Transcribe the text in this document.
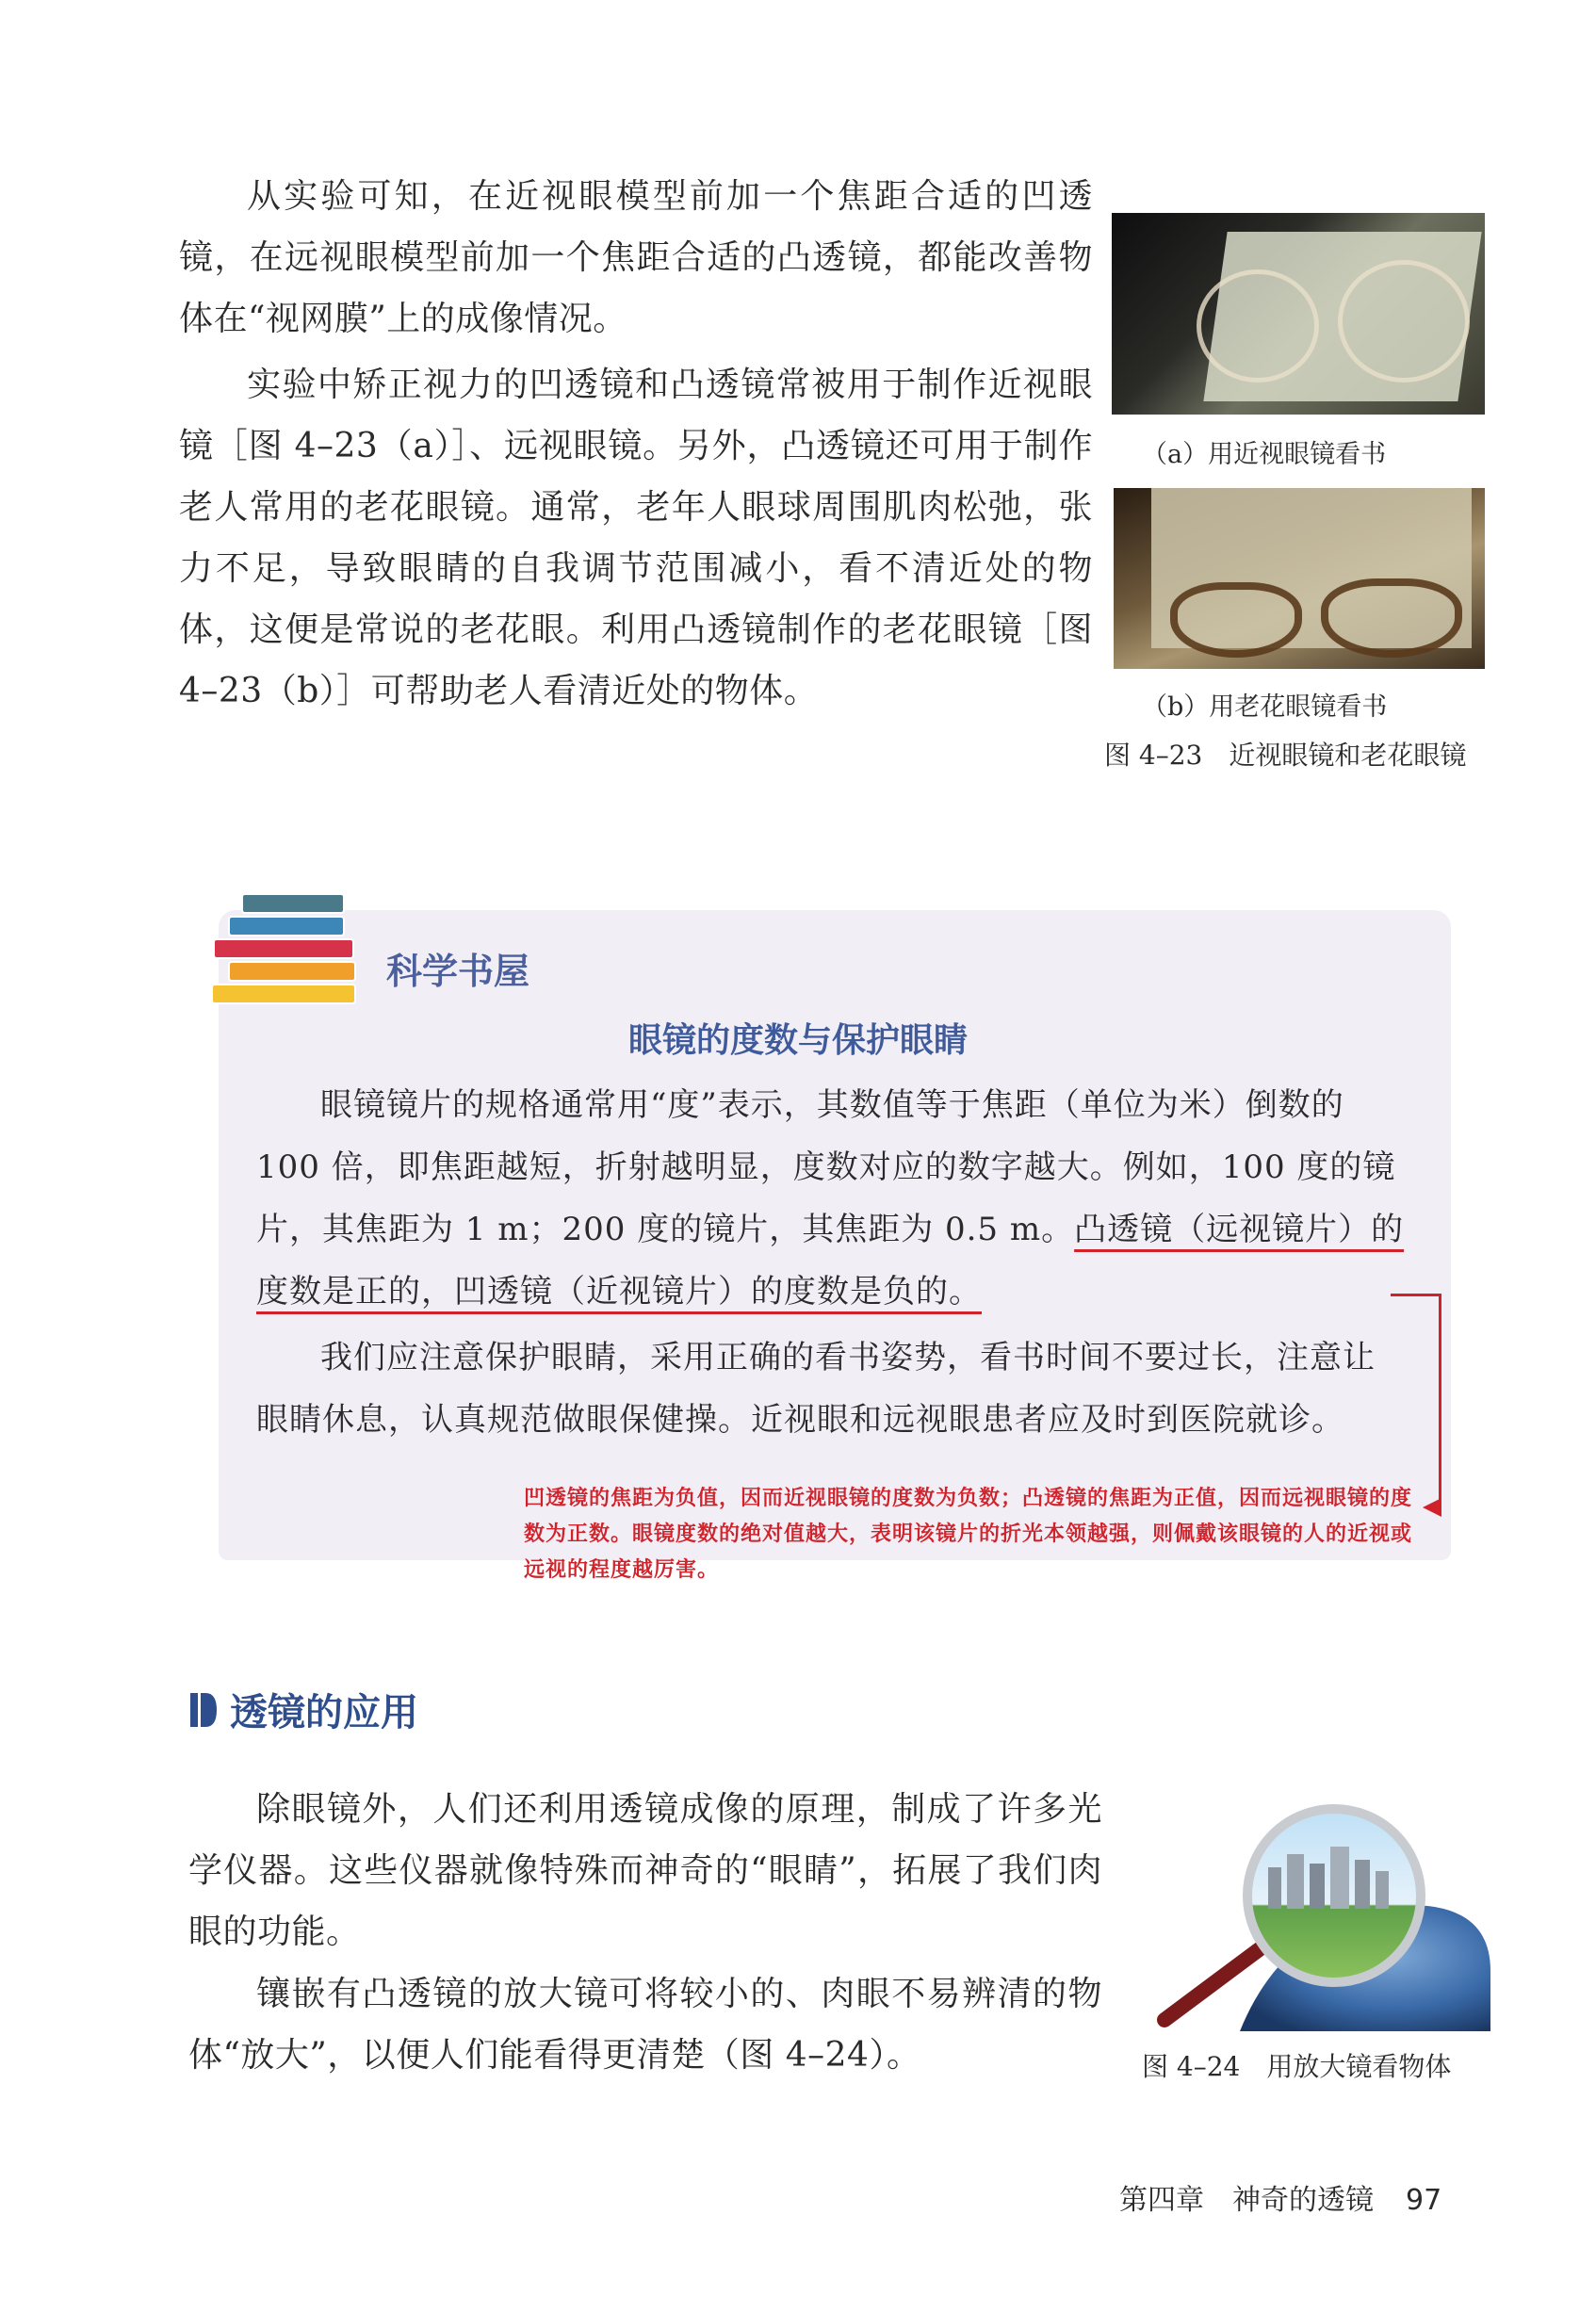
从实验可知，在近视眼模型前加一个焦距合适的凹透镜，在远视眼模型前加一个焦距合适的凸透镜，都能改善物体在“视网膜”上的成像情况。

实验中矫正视力的凹透镜和凸透镜常被用于制作近视眼镜［图 4–23（a）］、远视眼镜。另外，凸透镜还可用于制作老人常用的老花眼镜。通常，老年人眼球周围肌肉松弛，张力不足，导致眼睛的自我调节范围减小，看不清近处的物体，这便是常说的老花眼。利用凸透镜制作的老花眼镜［图 4–23（b）］可帮助老人看清近处的物体。

（a）用近视眼镜看书
（b）用老花眼镜看书
图 4–23　近视眼镜和老花眼镜
科学书屋
眼镜的度数与保护眼睛

眼镜镜片的规格通常用“度”表示，其数值等于焦距（单位为米）倒数的 100 倍，即焦距越短，折射越明显，度数对应的数字越大。例如，100 度的镜片，其焦距为 1 m；200 度的镜片，其焦距为 0.5 m。凸透镜（远视镜片）的度数是正的，凹透镜（近视镜片）的度数是负的。

我们应注意保护眼睛，采用正确的看书姿势，看书时间不要过长，注意让眼睛休息，认真规范做眼保健操。近视眼和远视眼患者应及时到医院就诊。

凹透镜的焦距为负值，因而近视眼镜的度数为负数；凸透镜的焦距为正值，因而远视眼镜的度数为正数。眼镜度数的绝对值越大，表明该镜片的折光本领越强，则佩戴该眼镜的人的近视或远视的程度越厉害。
透镜的应用

除眼镜外，人们还利用透镜成像的原理，制成了许多光学仪器。这些仪器就像特殊而神奇的“眼睛”，拓展了我们肉眼的功能。

镶嵌有凸透镜的放大镜可将较小的、肉眼不易辨清的物体“放大”，以便人们能看得更清楚（图 4–24）。	图 4–24　用放大镜看物体
第四章　神奇的透镜 97
